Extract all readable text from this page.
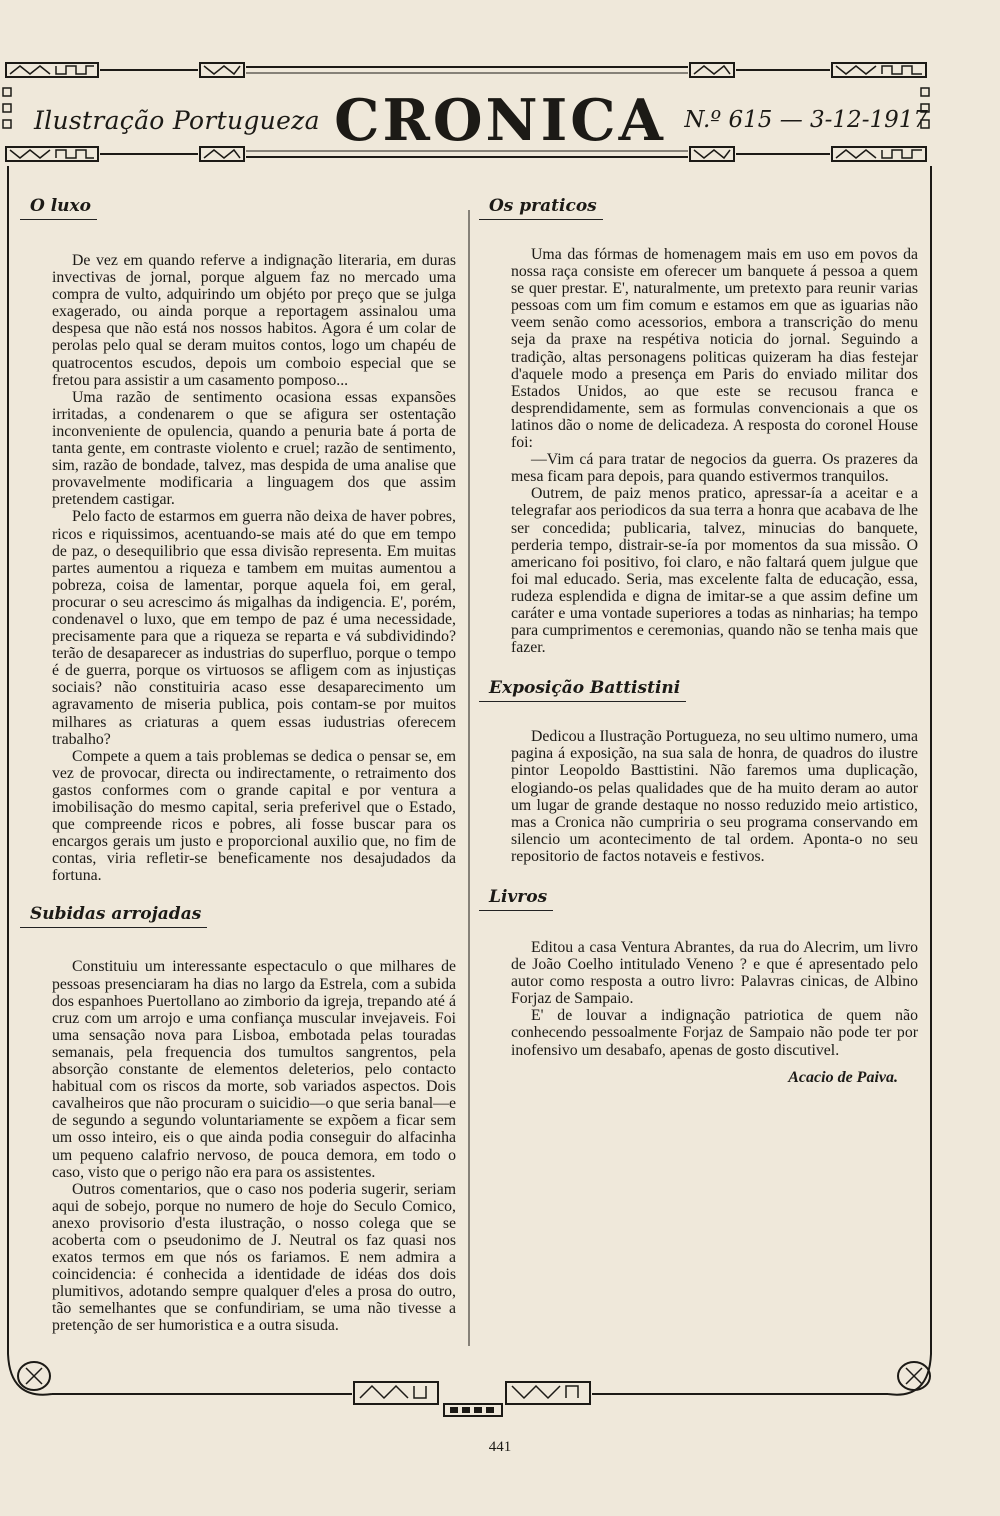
Ilustração Portugueza CRONICA N.º 615 — 3-12-1917
O luxo

De vez em quando referve a indignação literaria, em duras invectivas de jornal, porque alguem faz no mercado uma compra de vulto, adquirindo um objéto por preço que se julga exagerado, ou ainda porque a reportagem assinalou uma despesa que não está nos nossos habitos. Agora é um colar de perolas pelo qual se deram muitos contos, logo um chapéu de quatrocentos escudos, depois um comboio especial que se fretou para assistir a um casamento pomposo...

Uma razão de sentimento ocasiona essas expansões irritadas, a condenarem o que se afigura ser ostentação inconveniente de opulencia, quando a penuria bate á porta de tanta gente, em contraste violento e cruel; razão de sentimento, sim, razão de bondade, talvez, mas despida de uma analise que provavelmente modificaria a linguagem dos que assim pretendem castigar.

Pelo facto de estarmos em guerra não deixa de haver pobres, ricos e riquissimos, acentuando-se mais até do que em tempo de paz, o desequilibrio que essa divisão representa. Em muitas partes aumentou a riqueza e tambem em muitas aumentou a pobreza, coisa de lamentar, porque aquela foi, em geral, procurar o seu acrescimo ás migalhas da indigencia. E', porém, condenavel o luxo, que em tempo de paz é uma necessidade, precisamente para que a riqueza se reparta e vá subdividindo? terão de desaparecer as industrias do superfluo, porque o tempo é de guerra, porque os virtuosos se afligem com as injustiças sociais? não constituiria acaso esse desaparecimento um agravamento de miseria publica, pois contam-se por muitos milhares as criaturas a quem essas iudustrias oferecem trabalho?

Compete a quem a tais problemas se dedica o pensar se, em vez de provocar, directa ou indirectamente, o retraimento dos gastos conformes com o grande capital e por ventura a imobilisação do mesmo capital, seria preferivel que o Estado, que compreende ricos e pobres, ali fosse buscar para os encargos gerais um justo e proporcional auxilio que, no fim de contas, viria refletir-se beneficamente nos desajudados da fortuna.

Subidas arrojadas

Constituiu um interessante espectaculo o que milhares de pessoas presenciaram ha dias no largo da Estrela, com a subida dos espanhoes Puertollano ao zimborio da igreja, trepando até á cruz com um arrojo e uma confiança muscular invejaveis. Foi uma sensação nova para Lisboa, embotada pelas touradas semanais, pela frequencia dos tumultos sangrentos, pela absorção constante de elementos deleterios, pelo contacto habitual com os riscos da morte, sob variados aspectos. Dois cavalheiros que não procuram o suicidio—o que seria banal—e de segundo a segundo voluntariamente se expõem a ficar sem um osso inteiro, eis o que ainda podia conseguir do alfacinha um pequeno calafrio nervoso, de pouca demora, em todo o caso, visto que o perigo não era para os assistentes.

Outros comentarios, que o caso nos poderia sugerir, seriam aqui de sobejo, porque no numero de hoje do Seculo Comico, anexo provisorio d'esta ilustração, o nosso colega que se acoberta com o pseudonimo de J. Neutral os faz quasi nos exatos termos em que nós os fariamos. E nem admira a coincidencia: é conhecida a identidade de idéas dos dois plumitivos, adotando sempre qualquer d'eles a prosa do outro, tão semelhantes que se confundiriam, se uma não tivesse a pretenção de ser humoristica e a outra sisuda.

Os praticos

Uma das fórmas de homenagem mais em uso em povos da nossa raça consiste em oferecer um banquete á pessoa a quem se quer prestar. E', naturalmente, um pretexto para reunir varias pessoas com um fim comum e estamos em que as iguarias não veem senão como acessorios, embora a transcrição do menu seja da praxe na respétiva noticia do jornal. Seguindo a tradição, altas personagens politicas quizeram ha dias festejar d'aquele modo a presença em Paris do enviado militar dos Estados Unidos, ao que este se recusou franca e desprendidamente, sem as formulas convencionais a que os latinos dão o nome de delicadeza. A resposta do coronel House foi:

—Vim cá para tratar de negocios da guerra. Os prazeres da mesa ficam para depois, para quando estivermos tranquilos.

Outrem, de paiz menos pratico, apressar-ía a aceitar e a telegrafar aos periodicos da sua terra a honra que acabava de lhe ser concedida; publicaria, talvez, minucias do banquete, perderia tempo, distrair-se-ía por momentos da sua missão. O americano foi positivo, foi claro, e não faltará quem julgue que foi mal educado. Seria, mas excelente falta de educação, essa, rudeza esplendida e digna de imitar-se a que assim define um caráter e uma vontade superiores a todas as ninharias; ha tempo para cumprimentos e ceremonias, quando não se tenha mais que fazer.

Exposição Battistini

Dedicou a Ilustração Portugueza, no seu ultimo numero, uma pagina á exposição, na sua sala de honra, de quadros do ilustre pintor Leopoldo Basttistini. Não faremos uma duplicação, elogiando-os pelas qualidades que de ha muito deram ao autor um lugar de grande destaque no nosso reduzido meio artistico, mas a Cronica não cumpriria o seu programa conservando em silencio um acontecimento de tal ordem. Aponta-o no seu repositorio de factos notaveis e festivos.

Livros

Editou a casa Ventura Abrantes, da rua do Alecrim, um livro de João Coelho intitulado Veneno ? e que é apresentado pelo autor como resposta a outro livro: Palavras cinicas, de Albino Forjaz de Sampaio.

E' de louvar a indignação patriotica de quem não conhecendo pessoalmente Forjaz de Sampaio não pode ter por inofensivo um desabafo, apenas de gosto discutivel.

Acacio de Paiva.

441
